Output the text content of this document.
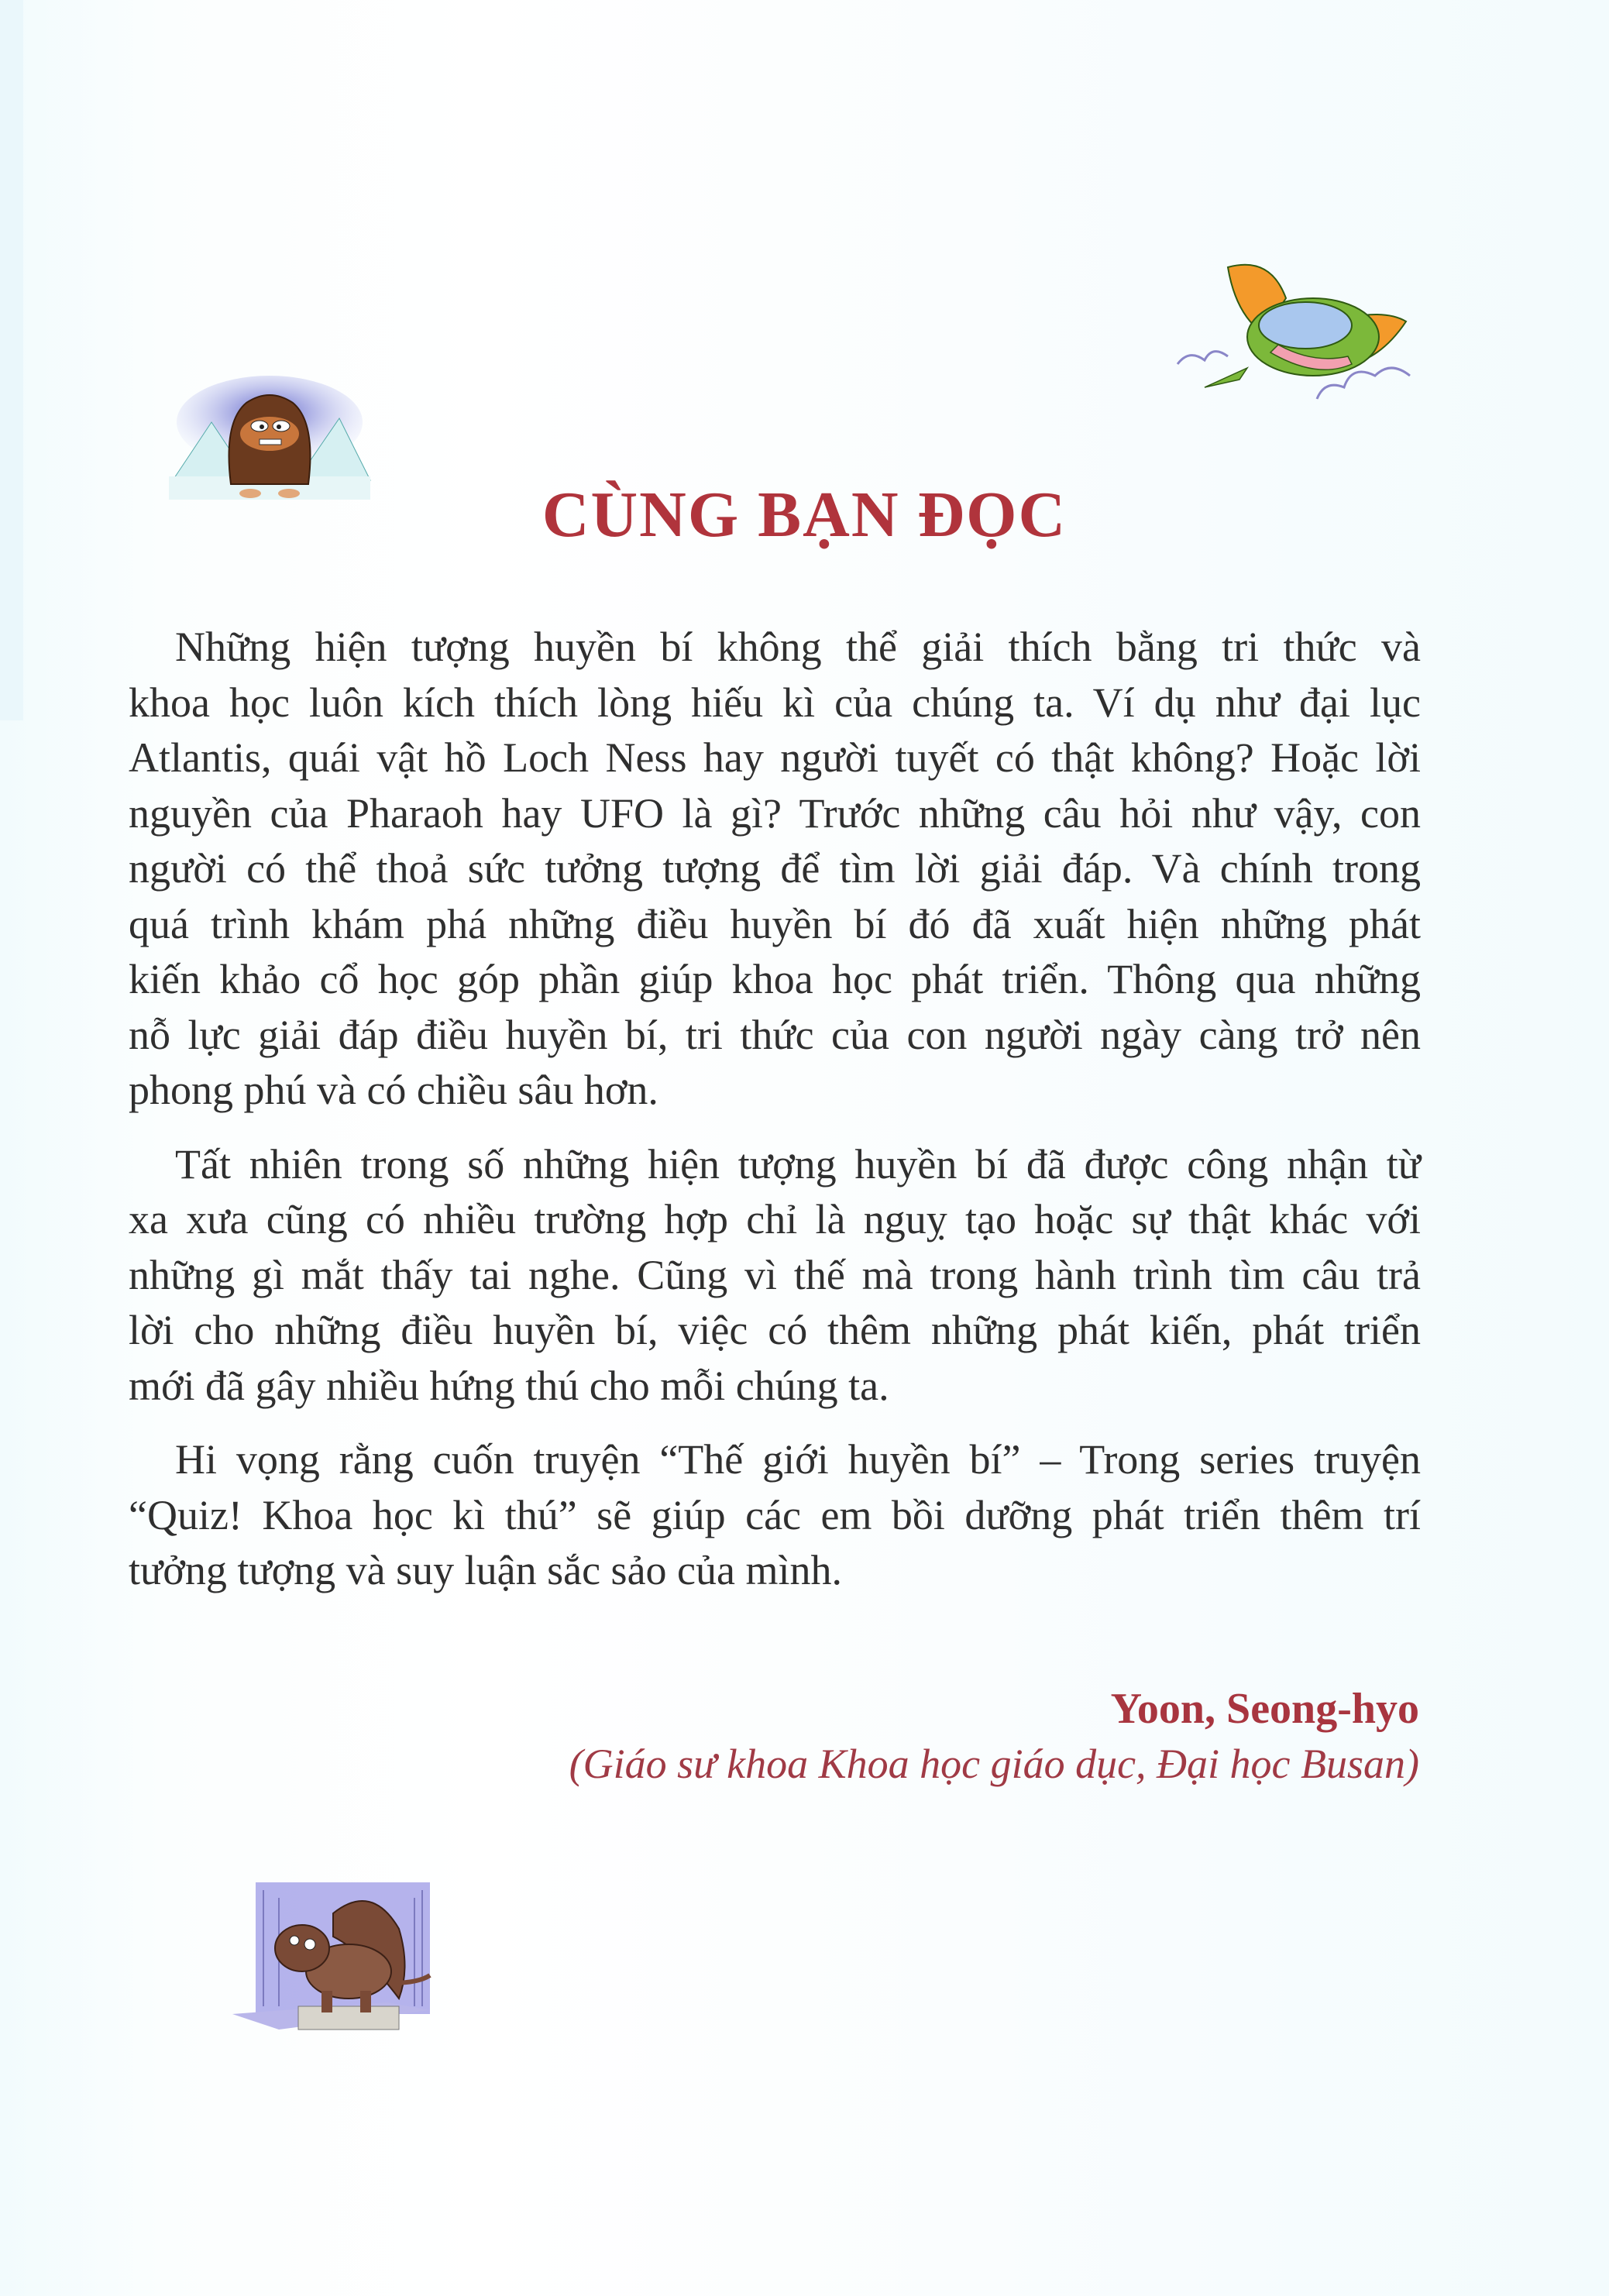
CÙNG BẠN ĐỌC

Những hiện tượng huyền bí không thể giải thích bằng tri thức và
khoa học luôn kích thích lòng hiếu kì của chúng ta. Ví dụ như đại lục
Atlantis, quái vật hồ Loch Ness hay người tuyết có thật không? Hoặc lời
nguyền của Pharaoh hay UFO là gì? Trước những câu hỏi như vậy, con
người có thể thoả sức tưởng tượng để tìm lời giải đáp. Và chính trong
quá trình khám phá những điều huyền bí đó đã xuất hiện những phát
kiến khảo cổ học góp phần giúp khoa học phát triển. Thông qua những
nỗ lực giải đáp điều huyền bí, tri thức của con người ngày càng trở nên
phong phú và có chiều sâu hơn.

Tất nhiên trong số những hiện tượng huyền bí đã được công nhận từ
xa xưa cũng có nhiều trường hợp chỉ là nguỵ tạo hoặc sự thật khác với
những gì mắt thấy tai nghe. Cũng vì thế mà trong hành trình tìm câu trả
lời cho những điều huyền bí, việc có thêm những phát kiến, phát triển
mới đã gây nhiều hứng thú cho mỗi chúng ta.

Hi vọng rằng cuốn truyện “Thế giới huyền bí” – Trong series truyện
“Quiz! Khoa học kì thú” sẽ giúp các em bồi dưỡng phát triển thêm trí
tưởng tượng và suy luận sắc sảo của mình.

Yoon, Seong-hyo
(Giáo sư khoa Khoa học giáo dục, Đại học Busan)
